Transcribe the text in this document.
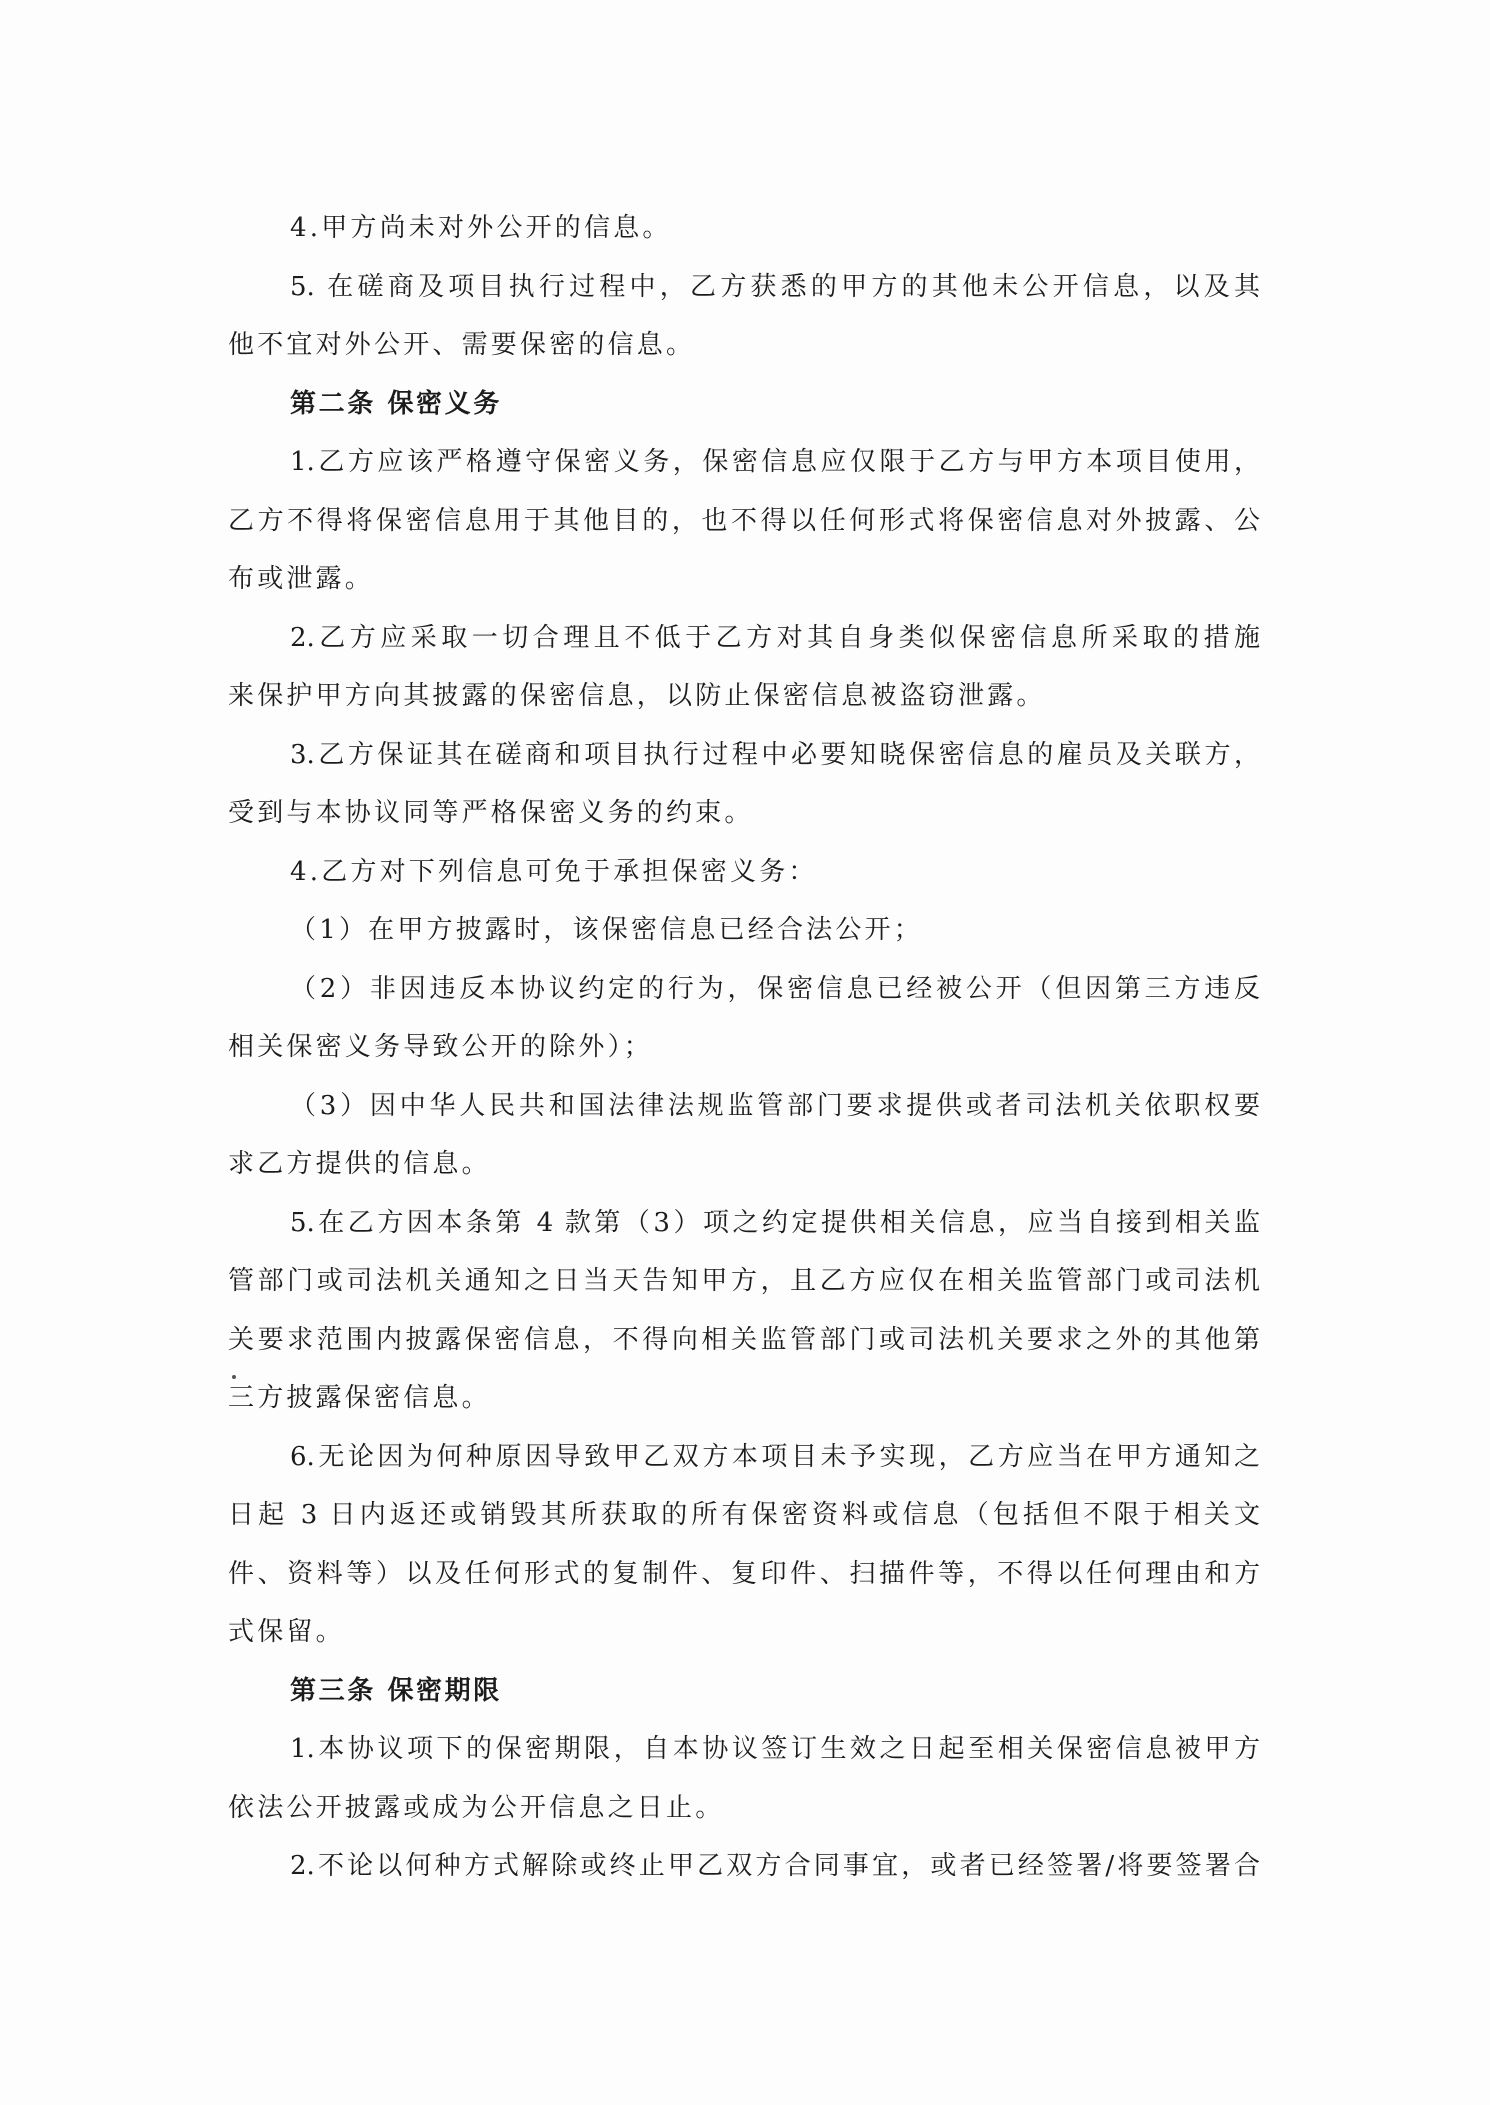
4.甲方尚未对外公开的信息。
5. 在磋商及项目执行过程中，乙方获悉的甲方的其他未公开信息，以及其
他不宜对外公开、需要保密的信息。
第二条 保密义务
1.乙方应该严格遵守保密义务，保密信息应仅限于乙方与甲方本项目使用，
乙方不得将保密信息用于其他目的，也不得以任何形式将保密信息对外披露、公
布或泄露。
2.乙方应采取一切合理且不低于乙方对其自身类似保密信息所采取的措施
来保护甲方向其披露的保密信息，以防止保密信息被盗窃泄露。
3.乙方保证其在磋商和项目执行过程中必要知晓保密信息的雇员及关联方，
受到与本协议同等严格保密义务的约束。
4.乙方对下列信息可免于承担保密义务：
（1）在甲方披露时，该保密信息已经合法公开；
（2）非因违反本协议约定的行为，保密信息已经被公开（但因第三方违反
相关保密义务导致公开的除外）；
（3）因中华人民共和国法律法规监管部门要求提供或者司法机关依职权要
求乙方提供的信息。
5.在乙方因本条第 4 款第（3）项之约定提供相关信息，应当自接到相关监
管部门或司法机关通知之日当天告知甲方，且乙方应仅在相关监管部门或司法机
关要求范围内披露保密信息，不得向相关监管部门或司法机关要求之外的其他第
三方披露保密信息。
6.无论因为何种原因导致甲乙双方本项目未予实现，乙方应当在甲方通知之
日起 3 日内返还或销毁其所获取的所有保密资料或信息（包括但不限于相关文
件、资料等）以及任何形式的复制件、复印件、扫描件等，不得以任何理由和方
式保留。
第三条 保密期限
1.本协议项下的保密期限，自本协议签订生效之日起至相关保密信息被甲方
依法公开披露或成为公开信息之日止。
2.不论以何种方式解除或终止甲乙双方合同事宜，或者已经签署/将要签署合
